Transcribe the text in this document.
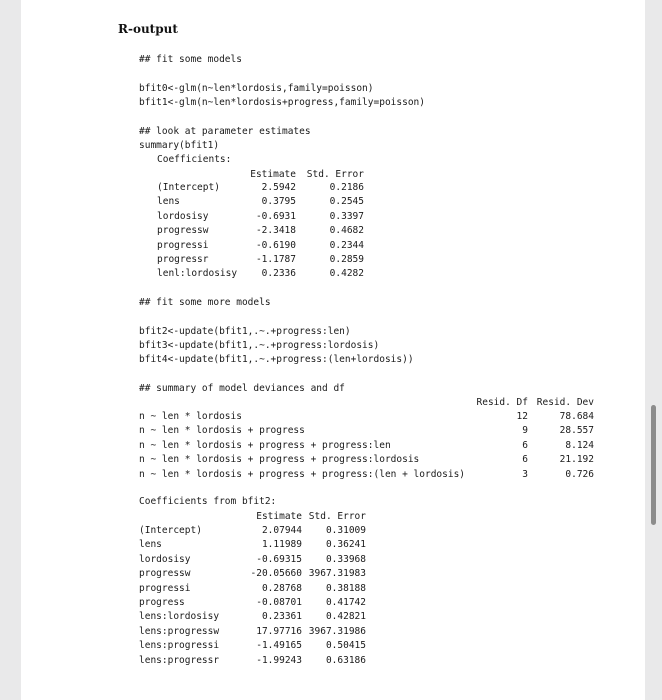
R-output
## fit some models
bfit0<-glm(n~len*lordosis,family=poisson)
bfit1<-glm(n~len*lordosis+progress,family=poisson)
## look at parameter estimates
summary(bfit1)
Coefficients:
Estimate	Std. Error
(Intercept)	2.5942	0.2186
lens	0.3795	0.2545
lordosisy	-0.6931	0.3397
progressw	-2.3418	0.4682
progressi	-0.6190	0.2344
progressr	-1.1787	0.2859
lenl:lordosisy	0.2336	0.4282
## fit some more models
bfit2<-update(bfit1,.~.+progress:len)
bfit3<-update(bfit1,.~.+progress:lordosis)
bfit4<-update(bfit1,.~.+progress:(len+lordosis))
## summary of model deviances and df
Resid. Df Resid. Dev
n ~ len * lordosis	12	78.684
n ~ len * lordosis + progress	9	28.557
n ~ len * lordosis + progress + progress:len	6	8.124
n ~ len * lordosis + progress + progress:lordosis	6	21.192
n ~ len * lordosis + progress + progress:(len + lordosis)	3	0.726
Coefficients from bfit2:
Estimate Std. Error
(Intercept)	2.07944	0.31009
lens	1.11989	0.36241
lordosisy	-0.69315	0.33968
progressw	-20.05660 3967.31983
progressi	0.28768	0.38188
progress	-0.08701	0.41742
lens:lordosisy	0.23361	0.42821
lens:progressw	17.97716 3967.31986
lens:progressi	-1.49165	0.50415
lens:progressr	-1.99243	0.63186
